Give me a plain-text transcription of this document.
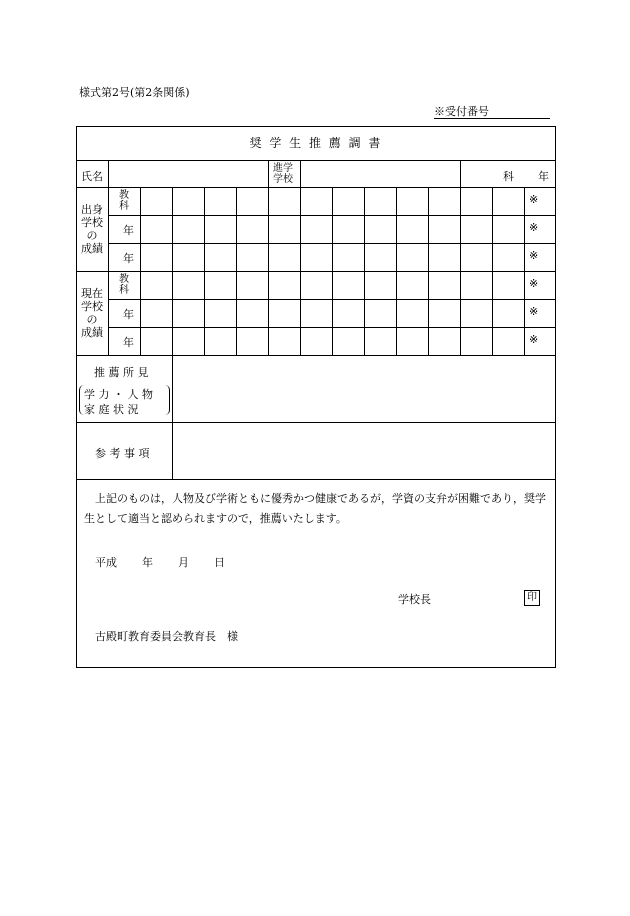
様式第2号(第2条関係)
※受付番号
奨 学 生 推 薦 調 書
氏名
進学
学校	科 年
出身
学校
の
成績
教
科
年
年
※
※
※
現在
学校
の
成績
教
科
年
年
※
※
※
推 薦 所 見
学 力 ・ 人 物
家 庭 状 況
参 考 事 項
上記のものは，人物及び学術ともに優秀かつ健康であるが，学資の支弁が困難であり，奨学生として適当と認められますので，推薦いたします。
平成 年 月 日
学校長	印
古殿町教育委員会教育長　様
